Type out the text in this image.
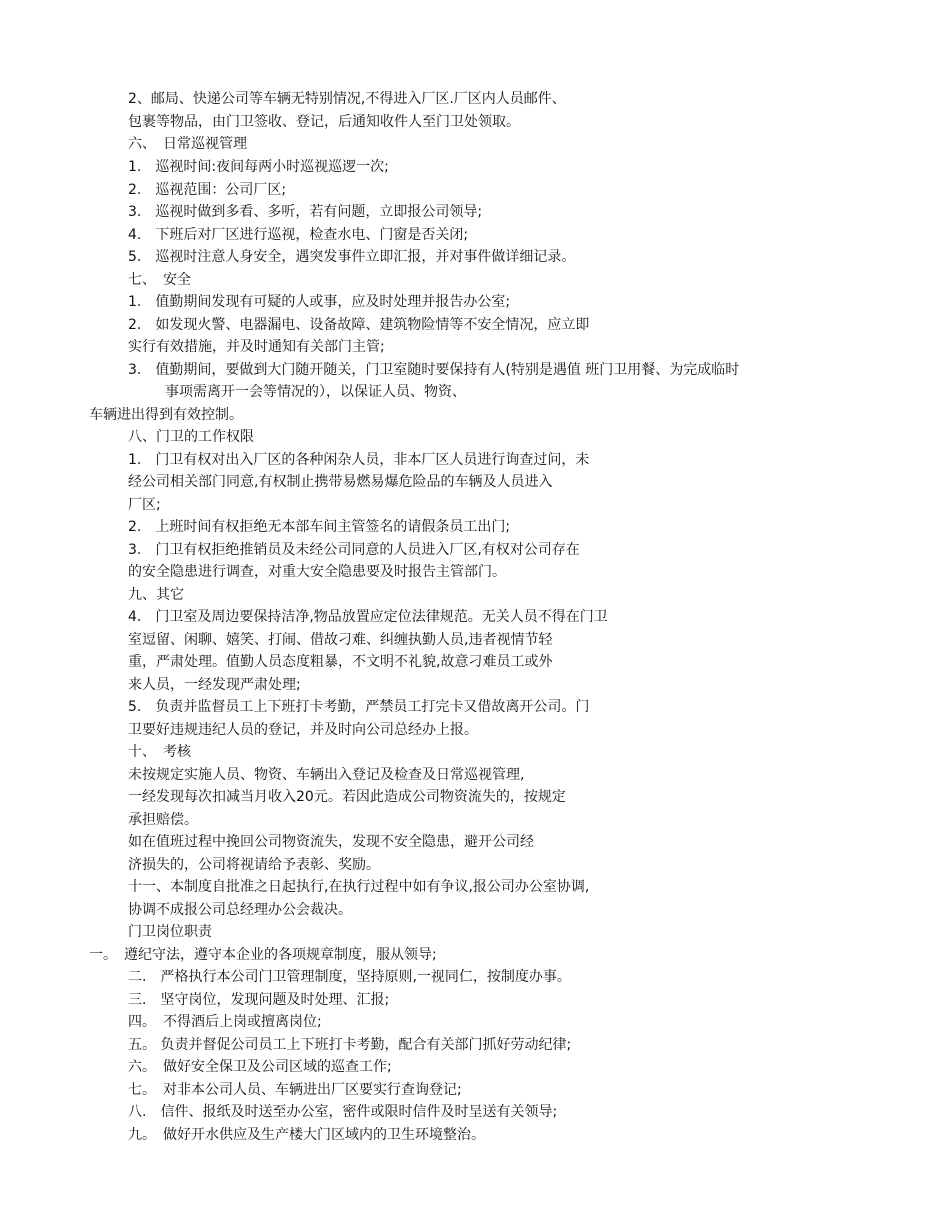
2、邮局、快递公司等车辆无特别情况,不得进入厂区.厂区内人员邮件、
包裹等物品，由门卫签收、登记，后通知收件人至门卫处领取。
六、　日常巡视管理
1.　巡视时间:夜间每两小时巡视巡逻一次;
2.　巡视范围：公司厂区;
3.　巡视时做到多看、多听，若有问题，立即报公司领导;
4.　下班后对厂区进行巡视，检查水电、门窗是否关闭;
5.　巡视时注意人身安全，遇突发事件立即汇报，并对事件做详细记录。
七、　安全
1.　值勤期间发现有可疑的人或事，应及时处理并报告办公室;
2.　如发现火警、电器漏电、设备故障、建筑物险情等不安全情况，应立即
实行有效措施，并及时通知有关部门主管;
3.　值勤期间，要做到大门随开随关，门卫室随时要保持有人(特别是遇值 班门卫用餐、为完成临时
事项需离开一会等情况的），以保证人员、物资、
车辆进出得到有效控制。
八、门卫的工作权限
1.　门卫有权对出入厂区的各种闲杂人员，非本厂区人员进行询查过问，未
经公司相关部门同意,有权制止携带易燃易爆危险品的车辆及人员进入
厂区;
2.　上班时间有权拒绝无本部车间主管签名的请假条员工出门;
3.　门卫有权拒绝推销员及未经公司同意的人员进入厂区,有权对公司存在
的安全隐患进行调查，对重大安全隐患要及时报告主管部门。
九、其它
4.　门卫室及周边要保持洁净,物品放置应定位法律规范。无关人员不得在门卫
室逗留、闲聊、嬉笑、打闹、借故刁难、纠缠执勤人员,违者视情节轻
重，严肃处理。值勤人员态度粗暴，不文明不礼貌,故意刁难员工或外
来人员，一经发现严肃处理;
5.　负责并监督员工上下班打卡考勤，严禁员工打完卡又借故离开公司。门
卫要好违规违纪人员的登记，并及时向公司总经办上报。
十、　考核
未按规定实施人员、物资、车辆出入登记及检查及日常巡视管理,
一经发现每次扣减当月收入20元。若因此造成公司物资流失的，按规定
承担赔偿。
如在值班过程中挽回公司物资流失，发现不安全隐患，避开公司经
济损失的，公司将视请给予表彰、奖励。
十一、本制度自批准之日起执行,在执行过程中如有争议,报公司办公室协调,
协调不成报公司总经理办公会裁决。
门卫岗位职责
一。　遵纪守法，遵守本企业的各项规章制度，服从领导;
二.　严格执行本公司门卫管理制度，坚持原则,一视同仁，按制度办事。
三.　坚守岗位，发现问题及时处理、汇报;
四。　不得酒后上岗或擅离岗位;
五。 负责并督促公司员工上下班打卡考勤，配合有关部门抓好劳动纪律;
六。　做好安全保卫及公司区域的巡查工作;
七。　对非本公司人员、车辆进出厂区要实行查询登记;
八.　信件、报纸及时送至办公室，密件或限时信件及时呈送有关领导;
九。　做好开水供应及生产楼大门区域内的卫生环境整治。
